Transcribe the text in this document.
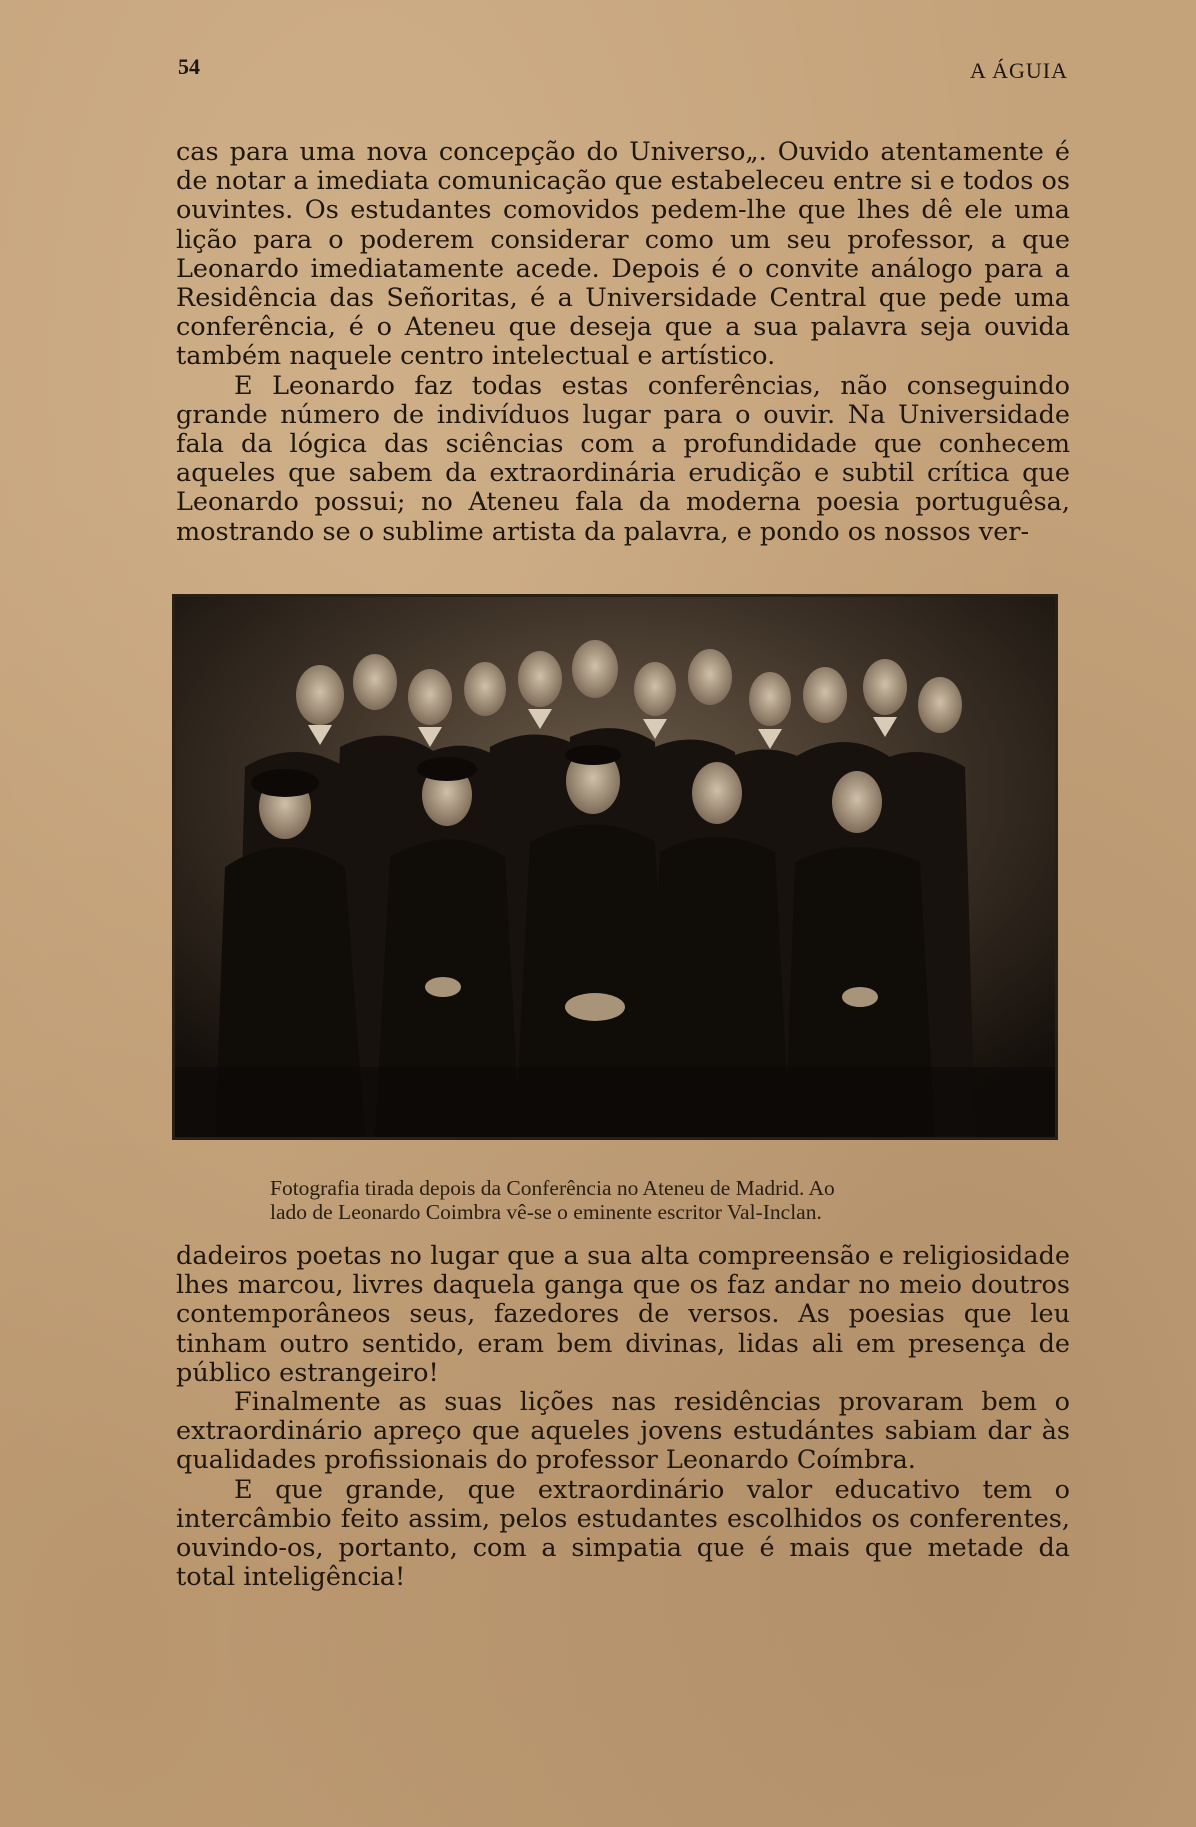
54	A ÁGUIA

cas para uma nova concepção do Universo„. Ouvido atentamente é de notar a imediata comunicação que estabeleceu entre si e todos os ouvintes. Os estudantes comovidos pedem-lhe que lhes dê ele uma lição para o poderem considerar como um seu professor, a que Leonardo imediatamente acede. Depois é o convite análogo para a Residência das Señoritas, é a Universidade Central que pede uma conferência, é o Ateneu que deseja que a sua palavra seja ouvida também naquele centro intelectual e artístico.

E Leonardo faz todas estas conferências, não conseguindo grande número de indivíduos lugar para o ouvir. Na Universidade fala da lógica das sciências com a profundidade que conhecem aqueles que sabem da extraordinária erudição e subtil crítica que Leonardo possui; no Ateneu fala da moderna poesia portuguêsa, mostrando se o sublime artista da palavra, e pondo os nossos ver-

Fotografia tirada depois da Conferência no Ateneu de Madrid. Ao
lado de Leonardo Coimbra vê-se o eminente escritor Val-Inclan.

dadeiros poetas no lugar que a sua alta compreensão e religiosidade lhes marcou, livres daquela ganga que os faz andar no meio doutros contemporâneos seus, fazedores de versos. As poesias que leu tinham outro sentido, eram bem divinas, lidas ali em presença de público estrangeiro!

Finalmente as suas lições nas residências provaram bem o extraordinário apreço que aqueles jovens estudántes sabiam dar às qualidades profissionais do professor Leonardo Coímbra.

E que grande, que extraordinário valor educativo tem o intercâmbio feito assim, pelos estudantes escolhidos os conferentes, ouvindo-os, portanto, com a simpatia que é mais que metade da total inteligência!
